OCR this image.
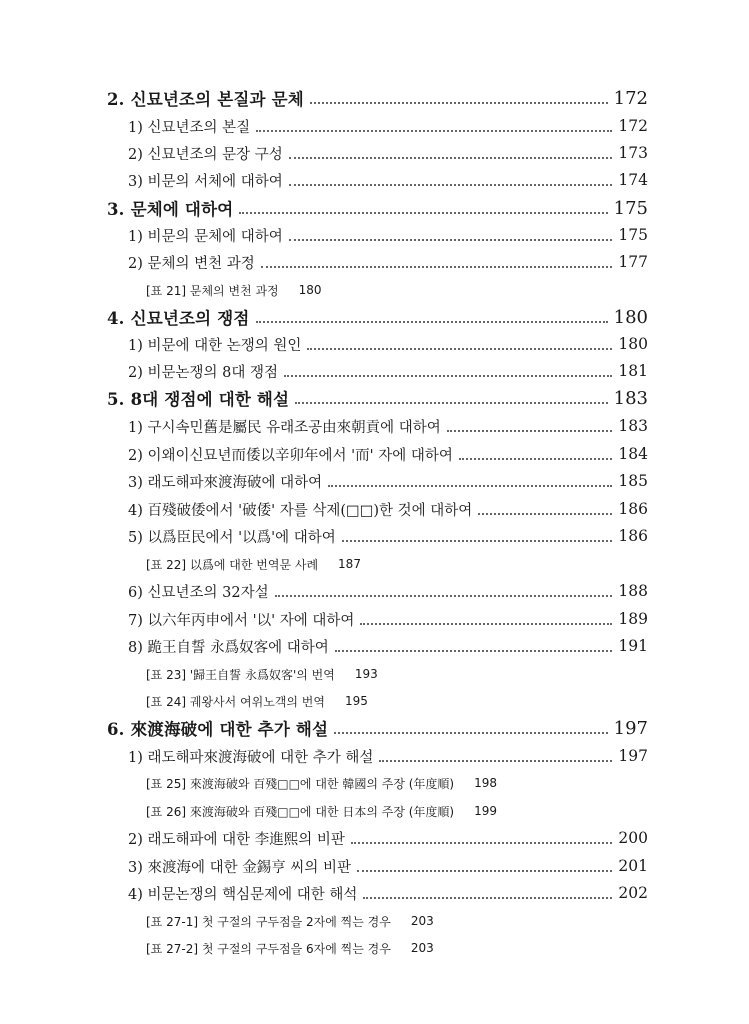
2. 신묘년조의 본질과 문체	172
1) 신묘년조의 본질	172
2) 신묘년조의 문장 구성	173
3) 비문의 서체에 대하여	174
3. 문체에 대하여	175
1) 비문의 문체에 대하여	175
2) 문체의 변천 과정	177
[표 21] 문체의 변천 과정 180
4. 신묘년조의 쟁점	180
1) 비문에 대한 논쟁의 원인	180
2) 비문논쟁의 8대 쟁점	181
5. 8대 쟁점에 대한 해설	183
1) 구시속민舊是屬民 유래조공由來朝貢에 대하여	183
2) 이왜이신묘년而倭以辛卯年에서 '而' 자에 대하여	184
3) 래도해파來渡海破에 대하여	185
4) 百殘破倭에서 '破倭' 자를 삭제(□□)한 것에 대하여	186
5) 以爲臣民에서 '以爲'에 대하여	186
[표 22] 以爲에 대한 번역문 사례 187
6) 신묘년조의 32자설	188
7) 以六年丙申에서 '以' 자에 대하여	189
8) 跪王自誓 永爲奴客에 대하여	191
[표 23] '歸王自誓 永爲奴客'의 번역 193
[표 24] 궤왕사서 여위노객의 번역 195
6. 來渡海破에 대한 추가 해설	197
1) 래도해파來渡海破에 대한 추가 해설	197
[표 25] 來渡海破와 百殘□□에 대한 韓國의 주장 (年度順) 198
[표 26] 來渡海破와 百殘□□에 대한 日本의 주장 (年度順) 199
2) 래도해파에 대한 李進熙의 비판	200
3) 來渡海에 대한 金錫亨 씨의 비판	201
4) 비문논쟁의 핵심문제에 대한 해석	202
[표 27-1] 첫 구절의 구두점을 2자에 찍는 경우 203
[표 27-2] 첫 구절의 구두점을 6자에 찍는 경우 203
